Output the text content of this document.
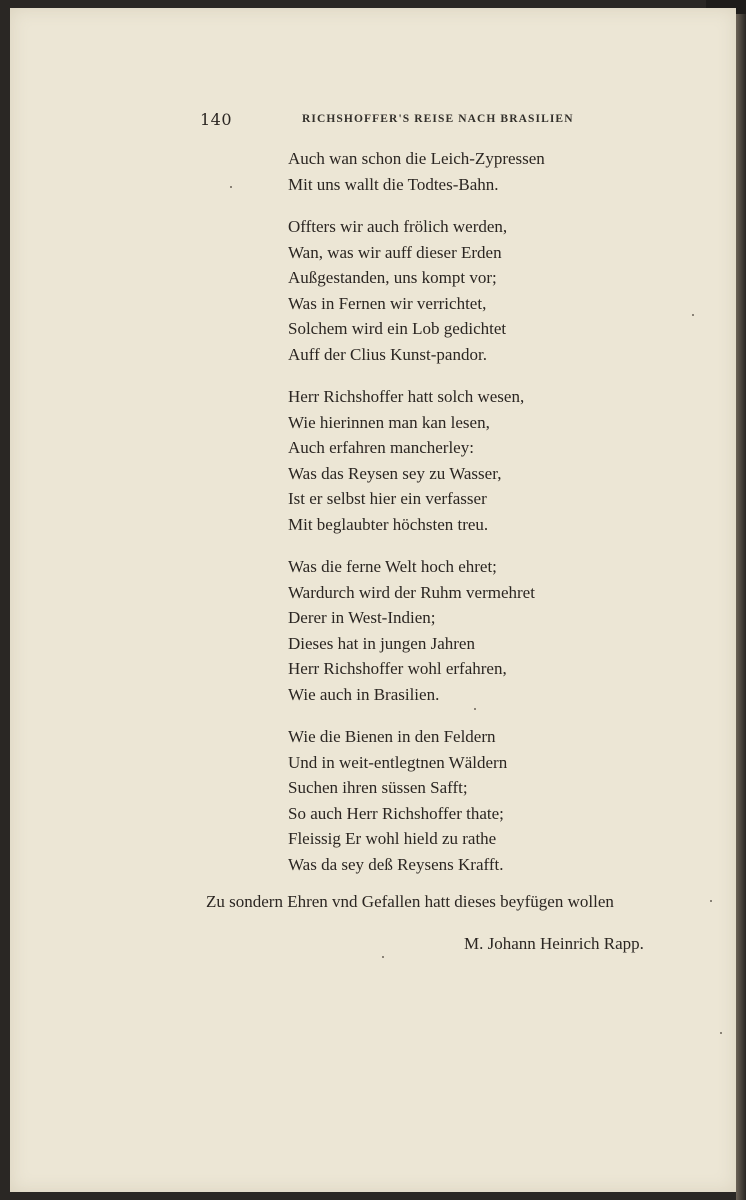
140	RICHSHOFFER'S REISE NACH BRASILIEN
Auch wan schon die Leich-Zypressen
Mit uns wallt die Todtes-Bahn.
Offters wir auch frölich werden,
Wan, was wir auff dieser Erden
Außgestanden, uns kompt vor;
Was in Fernen wir verrichtet,
Solchem wird ein Lob gedichtet
Auff der Clius Kunst-pandor.
Herr Richshoffer hatt solch wesen,
Wie hierinnen man kan lesen,
Auch erfahren mancherley:
Was das Reysen sey zu Wasser,
Ist er selbst hier ein verfasser
Mit beglaubter höchsten treu.
Was die ferne Welt hoch ehret;
Wardurch wird der Ruhm vermehret
Derer in West-Indien;
Dieses hat in jungen Jahren
Herr Richshoffer wohl erfahren,
Wie auch in Brasilien.
Wie die Bienen in den Feldern
Und in weit-entlegtnen Wäldern
Suchen ihren süssen Safft;
So auch Herr Richshoffer thate;
Fleissig Er wohl hield zu rathe
Was da sey deß Reysens Krafft.
Zu sondern Ehren vnd Gefallen hatt dieses beyfügen wollen
M. Johann Heinrich Rapp.
